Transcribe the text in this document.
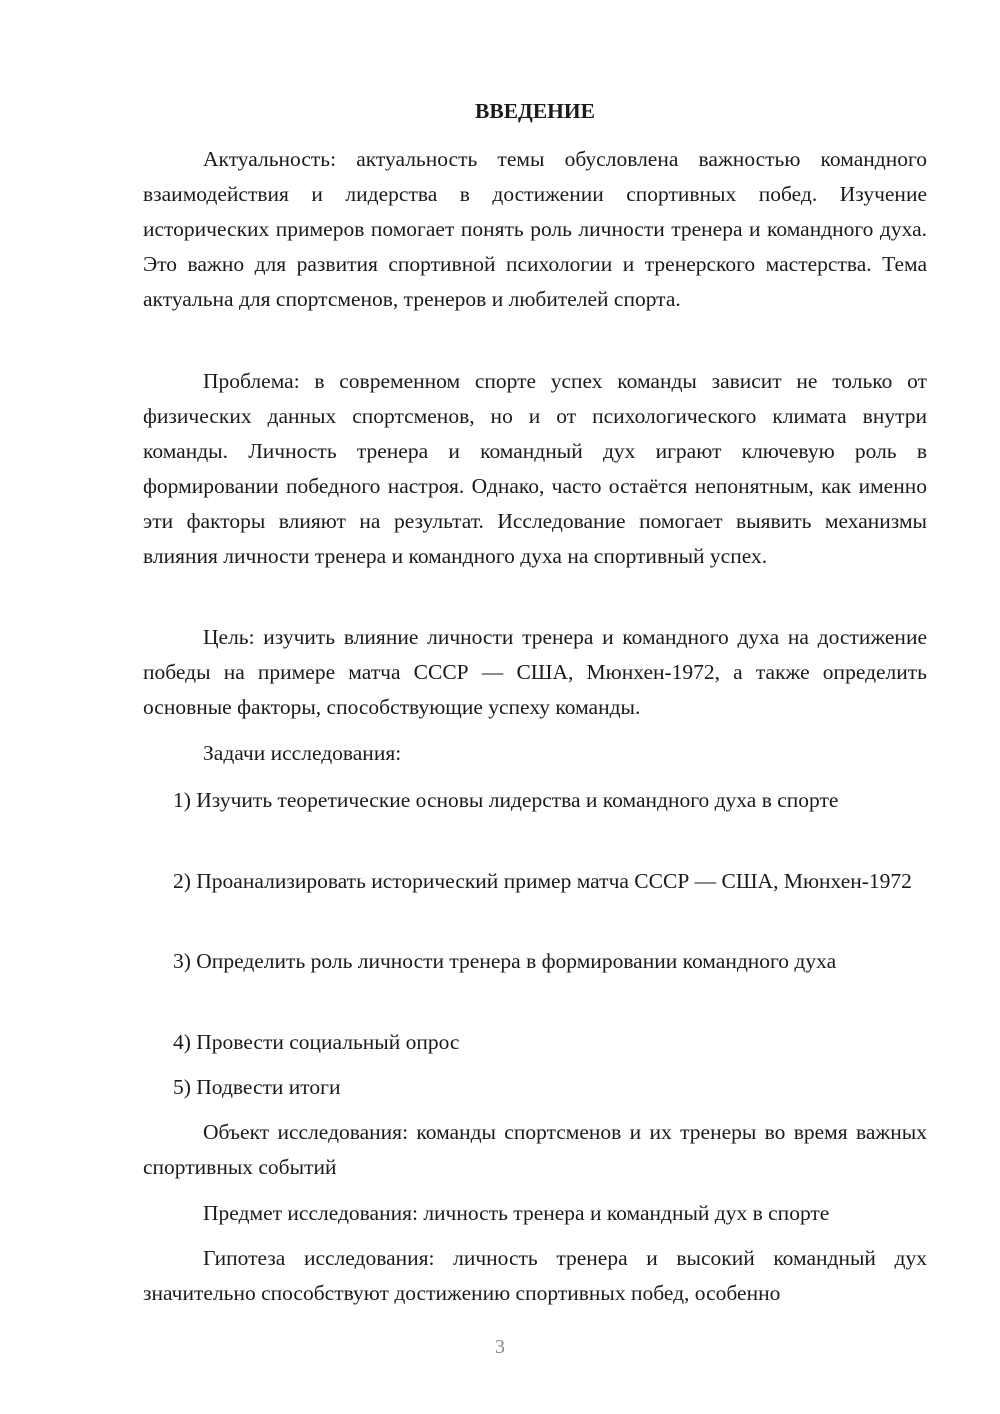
ВВЕДЕНИЕ

Актуальность: актуальность темы обусловлена важностью командного взаимодействия и лидерства в достижении спортивных побед. Изучение исторических примеров помогает понять роль личности тренера и командного духа. Это важно для развития спортивной психологии и тренерского мастерства. Тема актуальна для спортсменов, тренеров и любителей спорта.

Проблема: в современном спорте успех команды зависит не только от физических данных спортсменов, но и от психологического климата внутри команды. Личность тренера и командный дух играют ключевую роль в формировании победного настроя. Однако, часто остаётся непонятным, как именно эти факторы влияют на результат. Исследование помогает выявить механизмы влияния личности тренера и командного духа на спортивный успех.

Цель: изучить влияние личности тренера и командного духа на достижение победы на примере матча СССР — США, Мюнхен-1972, а также определить основные факторы, способствующие успеху команды.

Задачи исследования:

1) Изучить теоретические основы лидерства и командного духа в спорте

2) Проанализировать исторический пример матча СССР — США, Мюнхен-1972

3) Определить роль личности тренера в формировании командного духа

4) Провести социальный опрос

5) Подвести итоги

Объект исследования: команды спортсменов и их тренеры во время важных спортивных событий

Предмет исследования: личность тренера и командный дух в спорте

Гипотеза исследования: личность тренера и высокий командный дух значительно способствуют достижению спортивных побед, особенно

3
